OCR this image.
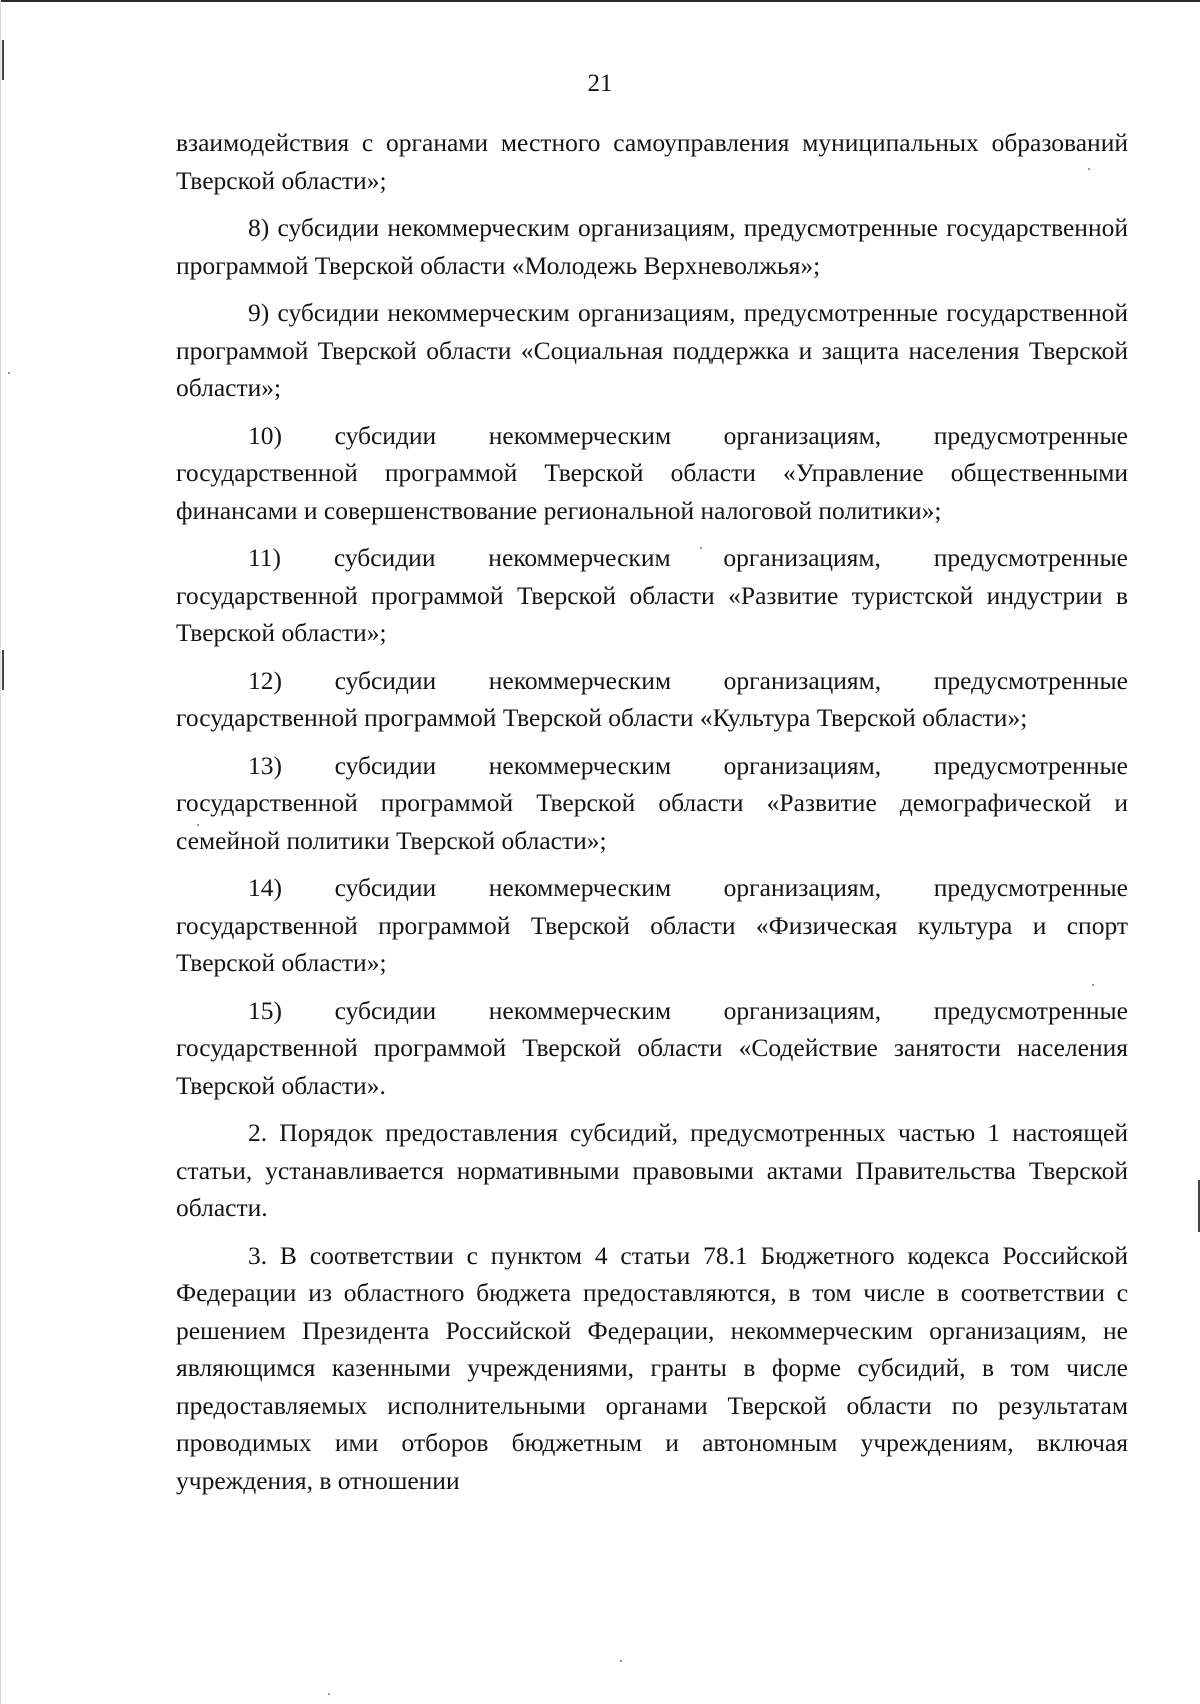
21

взаимодействия с органами местного самоуправления муниципальных образований Тверской области»;

8) субсидии некоммерческим организациям, предусмотренные государственной программой Тверской области «Молодежь Верхневолжья»;

9) субсидии некоммерческим организациям, предусмотренные государственной программой Тверской области «Социальная поддержка и защита населения Тверской области»;

10) субсидии некоммерческим организациям, предусмотренные государственной программой Тверской области «Управление общественными финансами и совершенствование региональной налоговой политики»;

11) субсидии некоммерческим организациям, предусмотренные государственной программой Тверской области «Развитие туристской индустрии в Тверской области»;

12) субсидии некоммерческим организациям, предусмотренные государственной программой Тверской области «Культура Тверской области»;

13) субсидии некоммерческим организациям, предусмотренные государственной программой Тверской области «Развитие демографической и семейной политики Тверской области»;

14) субсидии некоммерческим организациям, предусмотренные государственной программой Тверской области «Физическая культура и спорт Тверской области»;

15) субсидии некоммерческим организациям, предусмотренные государственной программой Тверской области «Содействие занятости населения Тверской области».

2. Порядок предоставления субсидий, предусмотренных частью 1 настоящей статьи, устанавливается нормативными правовыми актами Правительства Тверской области.

3. В соответствии с пунктом 4 статьи 78.1 Бюджетного кодекса Российской Федерации из областного бюджета предоставляются, в том числе в соответствии с решением Президента Российской Федерации, некоммерческим организациям, не являющимся казенными учреждениями, гранты в форме субсидий, в том числе предоставляемых исполнительными органами Тверской области по результатам проводимых ими отборов бюджетным и автономным учреждениям, включая учреждения, в отношении
